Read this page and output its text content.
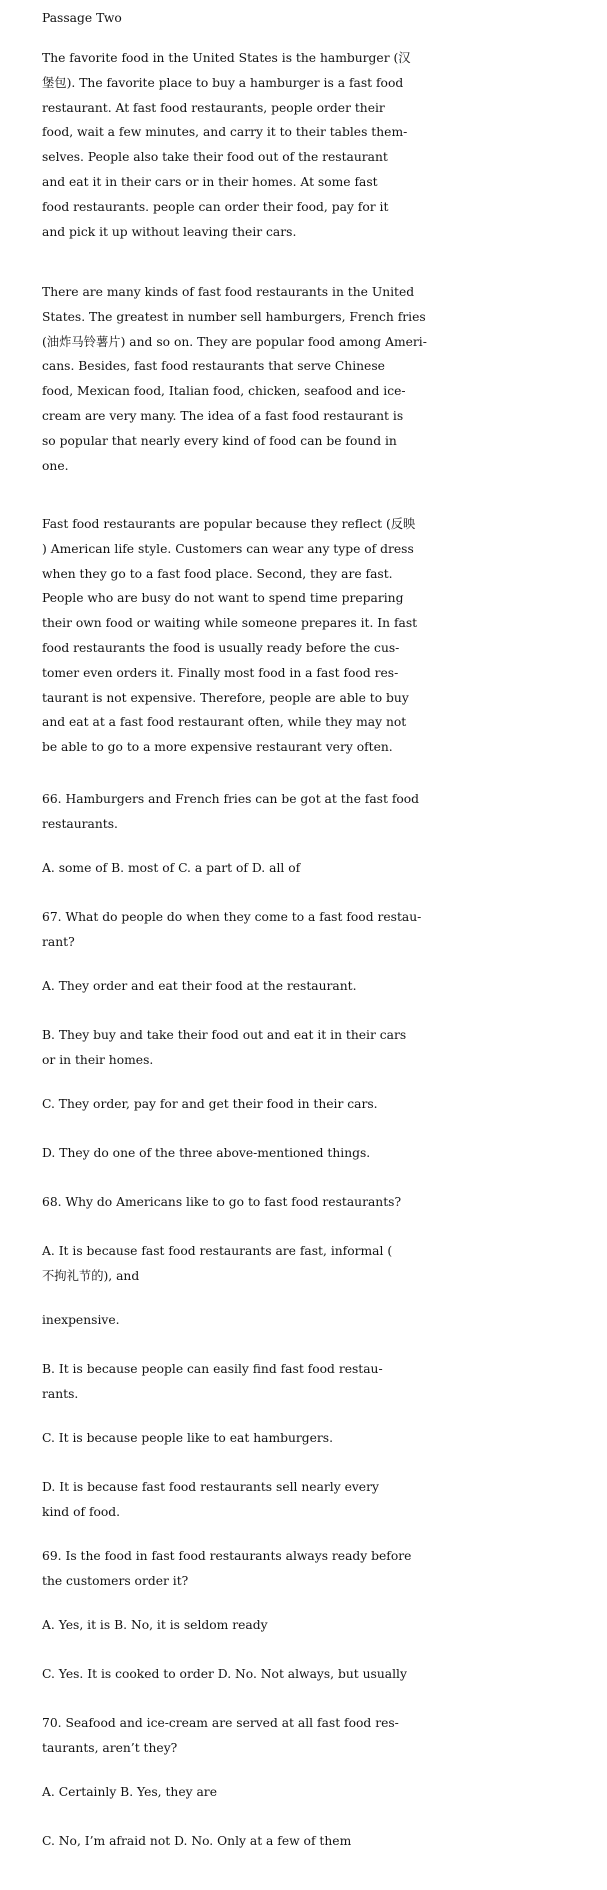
Passage Two

The favorite food in the United States is the hamburger (汉
堡包). The favorite place to buy a hamburger is a fast food
restaurant. At fast food restaurants, people order their
food, wait a few minutes, and carry it to their tables them-
selves. People also take their food out of the restaurant
and eat it in their cars or in their homes. At some fast
food restaurants. people can order their food, pay for it
and pick it up without leaving their cars.

There are many kinds of fast food restaurants in the United
States. The greatest in number sell hamburgers, French fries
(油炸马铃薯片) and so on. They are popular food among Ameri-
cans. Besides, fast food restaurants that serve Chinese
food, Mexican food, Italian food, chicken, seafood and ice-
cream are very many. The idea of a fast food restaurant is
so popular that nearly every kind of food can be found in
one.

Fast food restaurants are popular because they reflect (反映
) American life style. Customers can wear any type of dress
when they go to a fast food place. Second, they are fast.
People who are busy do not want to spend time preparing
their own food or waiting while someone prepares it. In fast
food restaurants the food is usually ready before the cus-
tomer even orders it. Finally most food in a fast food res-
taurant is not expensive. Therefore, people are able to buy
and eat at a fast food restaurant often, while they may not
be able to go to a more expensive restaurant very often.

66. Hamburgers and French fries can be got at the fast food
restaurants.

A. some of B. most of C. a part of D. all of

67. What do people do when they come to a fast food restau-
rant?

A. They order and eat their food at the restaurant.

B. They buy and take their food out and eat it in their cars
or in their homes.

C. They order, pay for and get their food in their cars.

D. They do one of the three above-mentioned things.

68. Why do Americans like to go to fast food restaurants?

A. It is because fast food restaurants are fast, informal (
不拘礼节的), and

inexpensive.

B. It is because people can easily find fast food restau-
rants.

C. It is because people like to eat hamburgers.

D. It is because fast food restaurants sell nearly every
kind of food.

69. Is the food in fast food restaurants always ready before
the customers order it?

A. Yes, it is B. No, it is seldom ready

C. Yes. It is cooked to order D. No. Not always, but usually

70. Seafood and ice-cream are served at all fast food res-
taurants, aren’t they?

A. Certainly B. Yes, they are

C. No, I’m afraid not D. No. Only at a few of them
